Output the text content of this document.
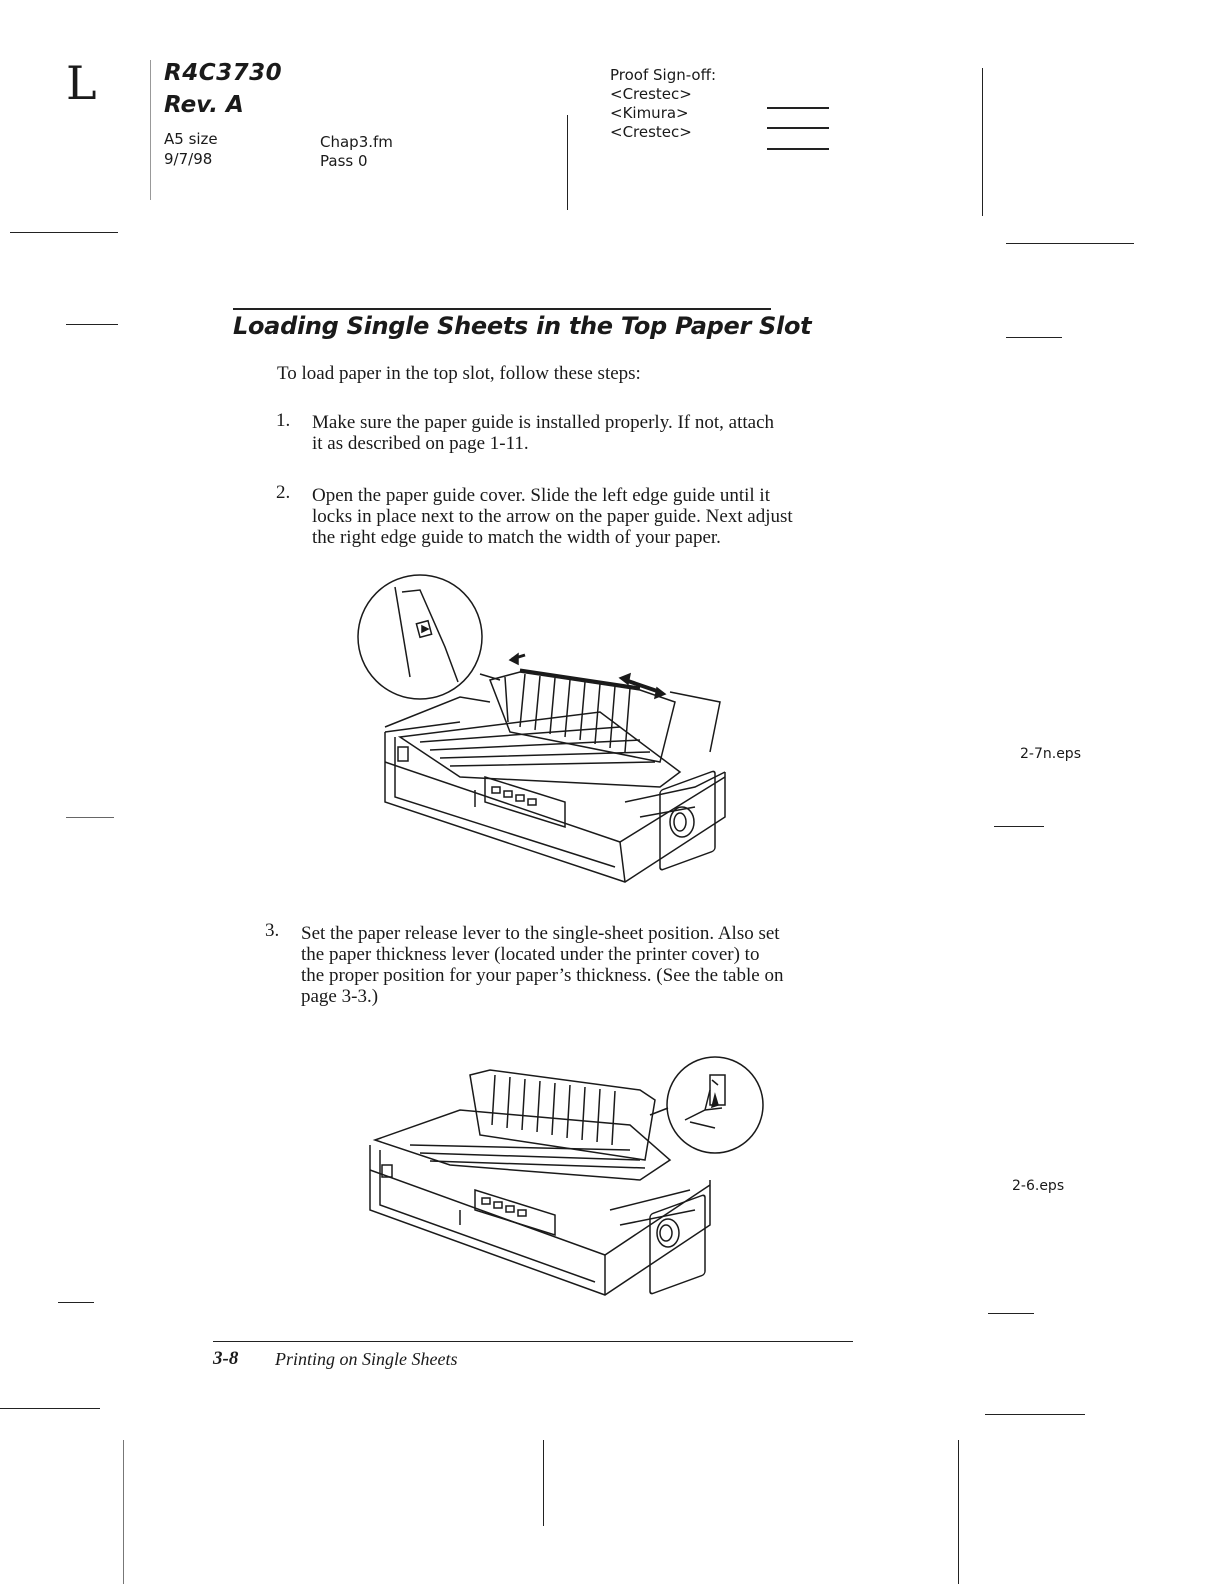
L	R4C3730
Rev. A
A5 size
9/7/98
Chap3.fm
Pass 0
Proof Sign-off:
<Crestec>
<Kimura>
<Crestec>
Loading Single Sheets in the Top Paper Slot
To load paper in the top slot, follow these steps:
1. Make sure the paper guide is installed properly. If not, attach
it as described on page 1-11.
2. Open the paper guide cover. Slide the left edge guide until it
locks in place next to the arrow on the paper guide. Next adjust
the right edge guide to match the width of your paper.
2-7n.eps
3. Set the paper release lever to the single-sheet position. Also set
the paper thickness lever (located under the printer cover) to
the proper position for your paper’s thickness. (See the table on
page 3-3.)
2-6.eps
3-8 Printing on Single Sheets
